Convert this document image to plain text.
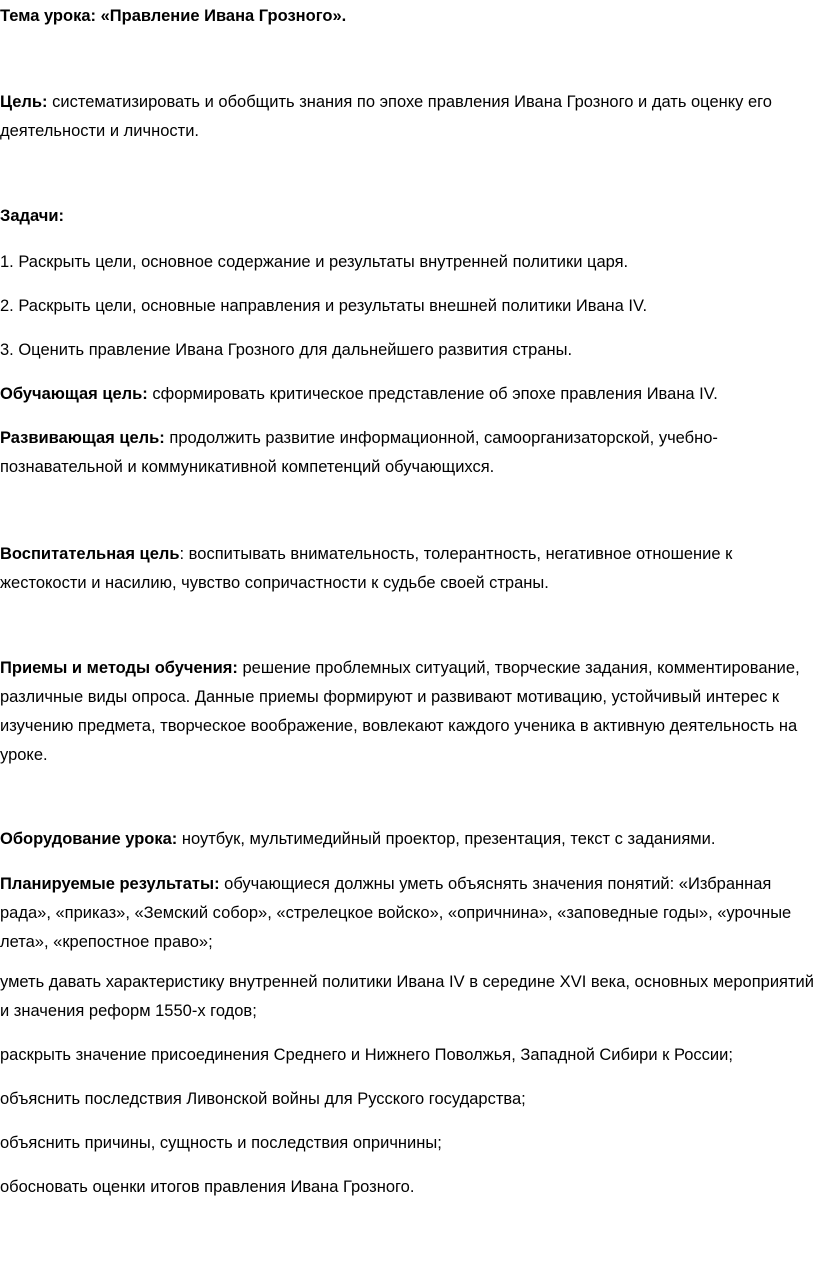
Тема урока: «Правление Ивана Грозного».

Цель: систематизировать и обобщить знания по эпохе правления Ивана Грозного и дать оценку его деятельности и личности.

Задачи:

1. Раскрыть цели, основное содержание и результаты внутренней политики царя.

2. Раскрыть цели, основные направления и результаты внешней политики Ивана IV.

3. Оценить правление Ивана Грозного для дальнейшего развития страны.

Обучающая цель: сформировать критическое представление об эпохе правления Ивана IV.

Развивающая цель: продолжить развитие информационной, самоорганизаторской, учебно-познавательной и коммуникативной компетенций обучающихся.

Воспитательная цель: воспитывать внимательность, толерантность, негативное отношение к жестокости и насилию, чувство сопричастности к судьбе своей страны.

Приемы и методы обучения: решение проблемных ситуаций, творческие задания, комментирование, различные виды опроса. Данные приемы формируют и развивают мотивацию, устойчивый интерес к изучению предмета, творческое воображение, вовлекают каждого ученика в активную деятельность на уроке.

Оборудование урока: ноутбук, мультимедийный проектор, презентация, текст с заданиями.

Планируемые результаты: обучающиеся должны уметь объяснять значения понятий: «Избранная рада», «приказ», «Земский собор», «стрелецкое войско», «опричнина», «заповедные годы», «урочные лета», «крепостное право»;

уметь давать характеристику внутренней политики Ивана IV в середине XVI века, основных мероприятий и значения реформ 1550-х годов;

раскрыть значение присоединения Среднего и Нижнего Поволжья, Западной Сибири к России;

объяснить последствия Ливонской войны для Русского государства;

объяснить причины, сущность и последствия опричнины;

обосновать оценки итогов правления Ивана Грозного.
